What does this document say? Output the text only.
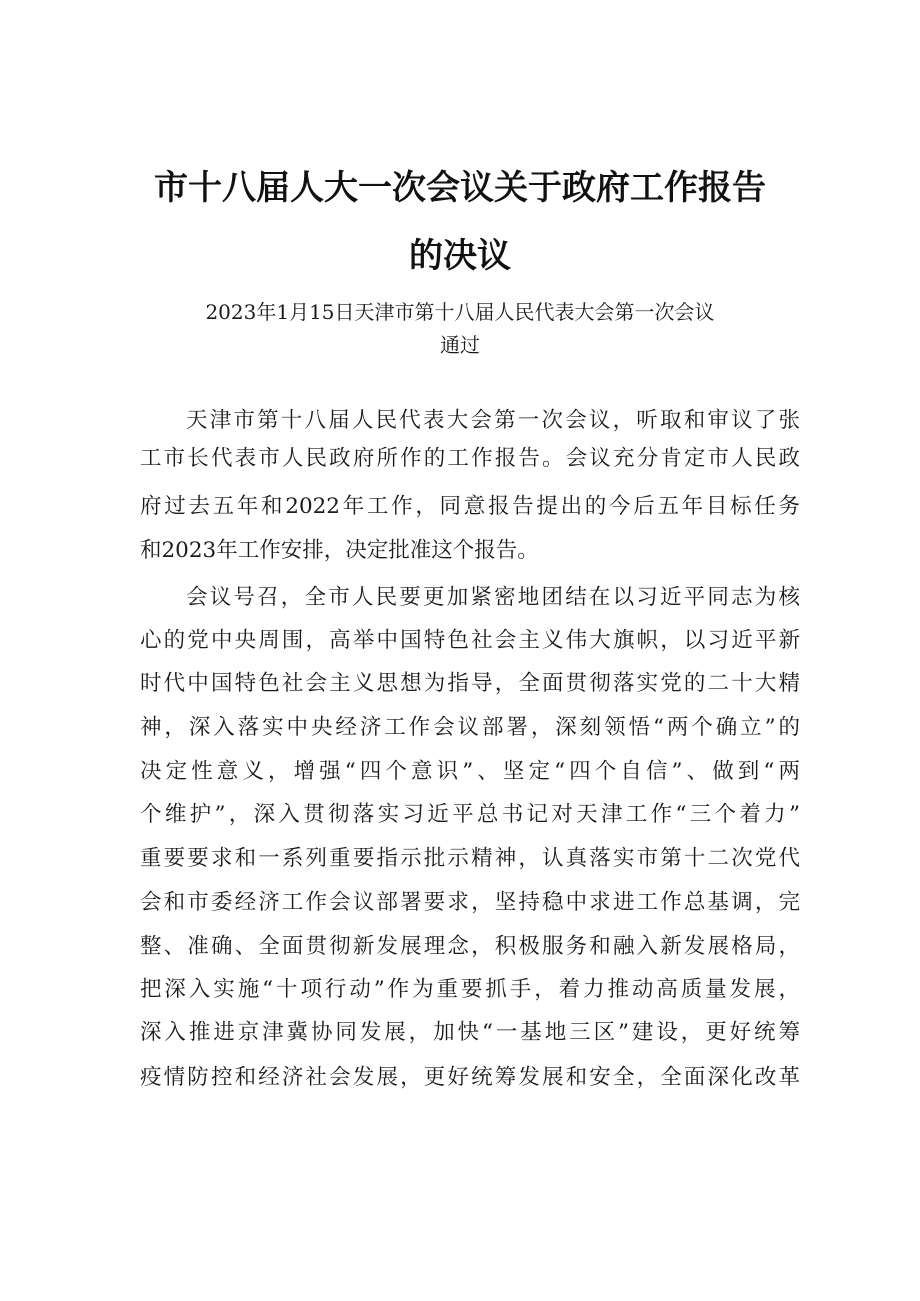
市十八届人大一次会议关于政府工作报告
的决议

2023年1月15日天津市第十八届人民代表大会第一次会议

通过

天津市第十八届人民代表大会第一次会议，听取和审议了张
工市长代表市人民政府所作的工作报告。会议充分肯定市人民政
府过去五年和2022年工作，同意报告提出的今后五年目标任务
和2023年工作安排，决定批准这个报告。
会议号召，全市人民要更加紧密地团结在以习近平同志为核
心的党中央周围，高举中国特色社会主义伟大旗帜，以习近平新
时代中国特色社会主义思想为指导，全面贯彻落实党的二十大精
神，深入落实中央经济工作会议部署，深刻领悟“两个确立”的
决定性意义，增强“四个意识”、坚定“四个自信”、做到“两
个维护”，深入贯彻落实习近平总书记对天津工作“三个着力”
重要要求和一系列重要指示批示精神，认真落实市第十二次党代
会和市委经济工作会议部署要求，坚持稳中求进工作总基调，完
整、准确、全面贯彻新发展理念，积极服务和融入新发展格局，
把深入实施“十项行动”作为重要抓手，着力推动高质量发展，
深入推进京津冀协同发展，加快“一基地三区”建设，更好统筹
疫情防控和经济社会发展，更好统筹发展和安全，全面深化改革
